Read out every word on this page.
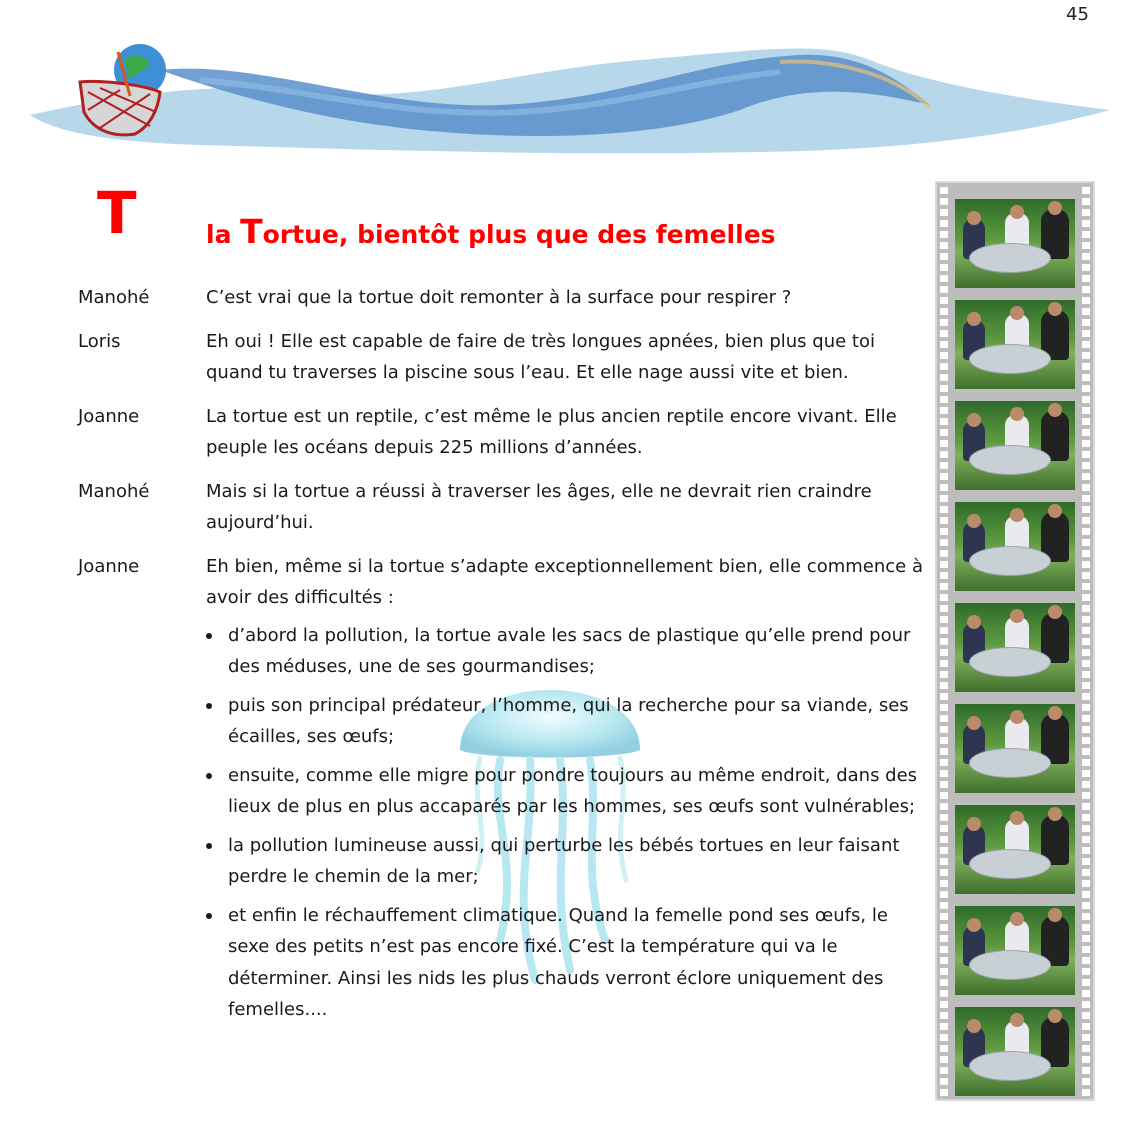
45
T	la Tortue, bientôt plus que des femelles
Manohé	C’est vrai que la tortue doit remonter à la surface pour respirer ?
Loris	Eh oui ! Elle est capable de faire de très longues apnées, bien plus que toi quand tu traverses la piscine sous l’eau. Et elle nage aussi vite et bien.
Joanne	La tortue est un reptile, c’est même le plus ancien reptile encore vivant. Elle peuple les océans depuis 225 millions d’années.
Manohé	Mais si la tortue a réussi à traverser les âges, elle ne devrait rien craindre aujourd’hui.
Joanne	Eh bien, même si la tortue s’adapte exceptionnellement bien, elle commence à avoir des difficultés :
d’abord la pollution, la tortue avale les sacs de plastique qu’elle prend pour des méduses, une de ses gourmandises;
puis son principal prédateur, l’homme, qui la recherche pour sa viande, ses écailles, ses œufs;
ensuite, comme elle migre pour pondre toujours au même endroit, dans des lieux de plus en plus accaparés par les hommes, ses œufs sont vulnérables;
la pollution lumineuse aussi, qui perturbe les bébés tortues en leur faisant perdre le chemin de la mer;
et enfin le réchauffement climatique. Quand la femelle pond ses œufs, le sexe des petits n’est pas encore fixé. C’est la température qui va le déterminer. Ainsi les nids les plus chauds verront éclore uniquement des femelles....
